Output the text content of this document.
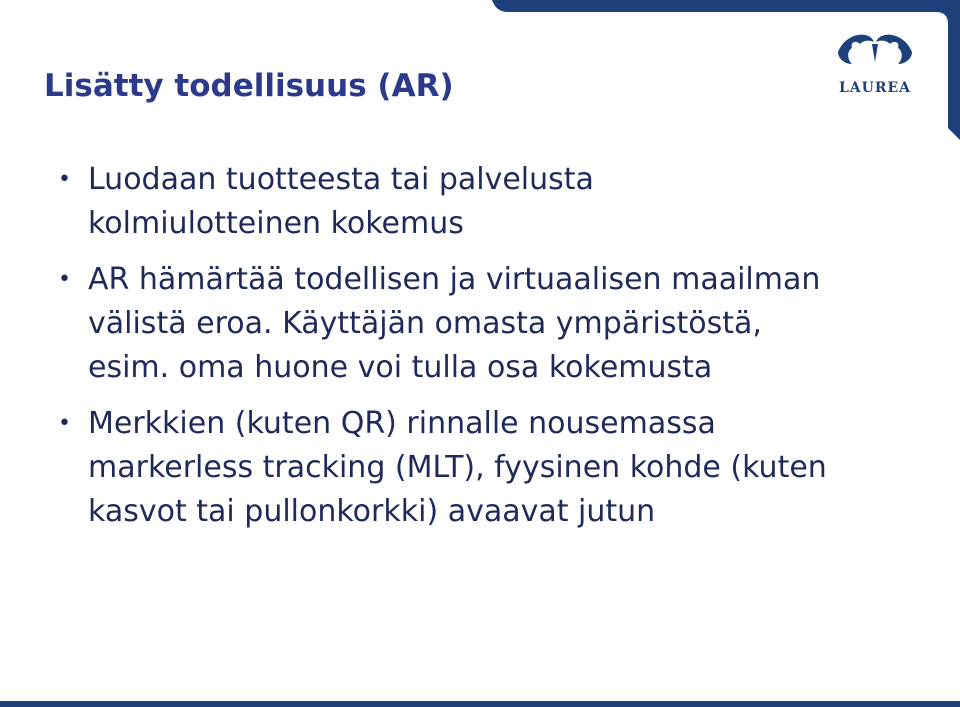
LAUREA
Lisätty todellisuus (AR)
• Luodaan tuotteesta tai palvelusta kolmiulotteinen kokemus
• AR hämärtää todellisen ja virtuaalisen maailman välistä eroa. Käyttäjän omasta ympäristöstä, esim. oma huone voi tulla osa kokemusta
• Merkkien (kuten QR) rinnalle nousemassa markerless tracking (MLT), fyysinen kohde (kuten kasvot tai pullonkorkki) avaavat jutun
